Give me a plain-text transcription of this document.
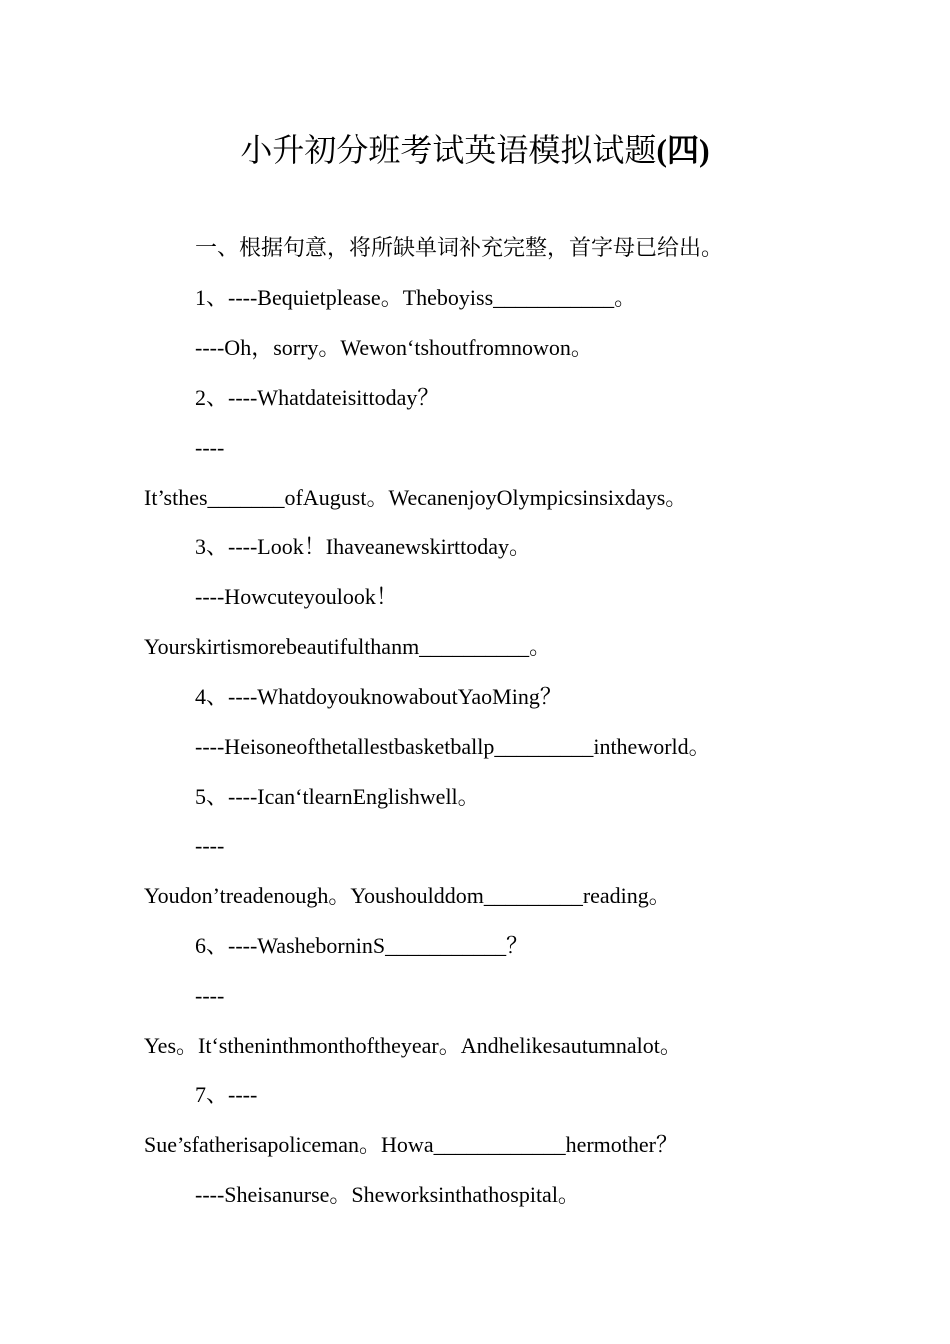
小升初分班考试英语模拟试题(四)
一、根据句意，将所缺单词补充完整，首字母已给出。
1、----Bequietplease。Theboyiss___________。
----Oh，sorry。Wewon‘tshoutfromnowon。
2、----Whatdateisittoday？
----
It’sthes_______ofAugust。WecanenjoyOlympicsinsixdays。
3、----Look！Ihaveanewskirttoday。
----Howcuteyoulook！
Yourskirtismorebeautifulthanm__________。
4、----WhatdoyouknowaboutYaoMing？
----Heisoneofthetallestbasketballp_________intheworld。
5、----Ican‘tlearnEnglishwell。
----
Youdon’treadenough。Youshoulddom_________reading。
6、----WasheborninS___________？
----
Yes。It‘stheninthmonthoftheyear。Andhelikesautumnalot。
7、----
Sue’sfatherisapoliceman。Howa____________hermother？
----Sheisanurse。Sheworksinthathospital。
